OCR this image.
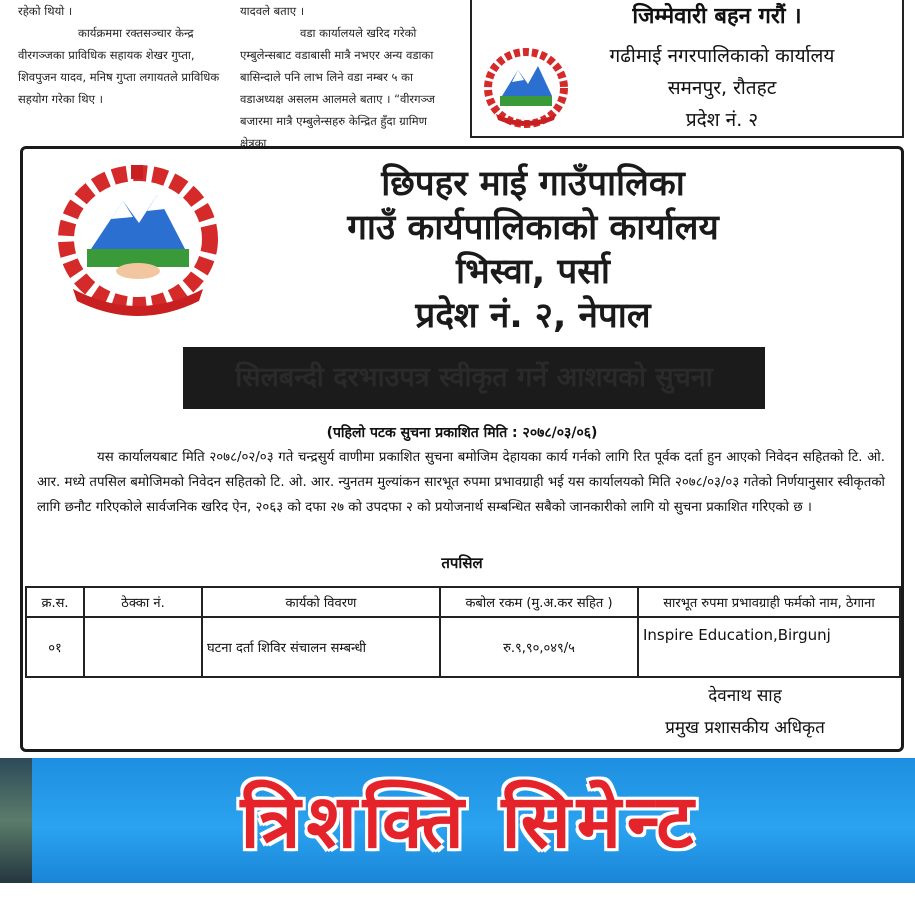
रहेको थियो ।

कार्यक्रममा रक्तसञ्चार केन्द्र वीरगञ्जका प्राविधिक सहायक शेखर गुप्ता, शिवपुजन यादव, मनिष गुप्ता लगायतले प्राविधिक सहयोग गरेका थिए ।

यादवले बताए ।

वडा कार्यालयले खरिद गरेको एम्बुलेन्सबाट वडाबासी मात्रै नभएर अन्य वडाका बासिन्दाले पनि लाभ लिने वडा नम्बर ५ का वडाअध्यक्ष असलम आलमले बताए । “वीरगञ्ज बजारमा मात्रै एम्बुलेन्सहरु केन्द्रित हुँदा ग्रामिण क्षेत्रका

जिम्मेवारी बहन गरौं ।
गढीमाई नगरपालिकाको कार्यालय
समनपुर, रौतहट
प्रदेश नं. २
छिपहर माई गाउँपालिका
गाउँ कार्यपालिकाको कार्यालय
भिस्वा, पर्सा
प्रदेश नं. २, नेपाल
सिलबन्दी दरभाउपत्र स्वीकृत गर्ने आशयको सुचना
(पहिलो पटक सुचना प्रकाशित मिति : २०७८/०३/०६)

यस कार्यालयबाट मिति २०७८/०२/०३ गते चन्द्रसुर्य वाणीमा प्रकाशित सुचना बमोजिम देहायका कार्य गर्नको लागि रित पूर्वक दर्ता हुन आएको निवेदन सहितको टि. ओ. आर. मध्ये तपसिल बमोजिमको निवेदन सहितको टि. ओ. आर. न्युनतम मुल्यांकन सारभूत रुपमा प्रभावग्राही भई यस कार्यालयको मिति २०७८/०३/०३ गतेको निर्णयानुसार स्वीकृतको लागि छनौट गरिएकोले सार्वजनिक खरिद ऐन, २०६३ को दफा २७ को उपदफा २ को प्रयोजनार्थ सम्बन्धित सबैको जानकारीको लागि यो सुचना प्रकाशित गरिएको छ ।

तपसिल
क्र.स.	ठेक्का नं.	कार्यको विवरण	कबोल रकम (मु.अ.कर सहित )	सारभूत रुपमा प्रभावग्राही फर्मको नाम, ठेगाना
०१		घटना दर्ता शिविर संचालन सम्बन्धी	रु.९,९०,०४९/५	Inspire Education,Birgunj
देवनाथ साह
प्रमुख प्रशासकीय अधिकृत
त्रिशक्ति सिमेन्ट
